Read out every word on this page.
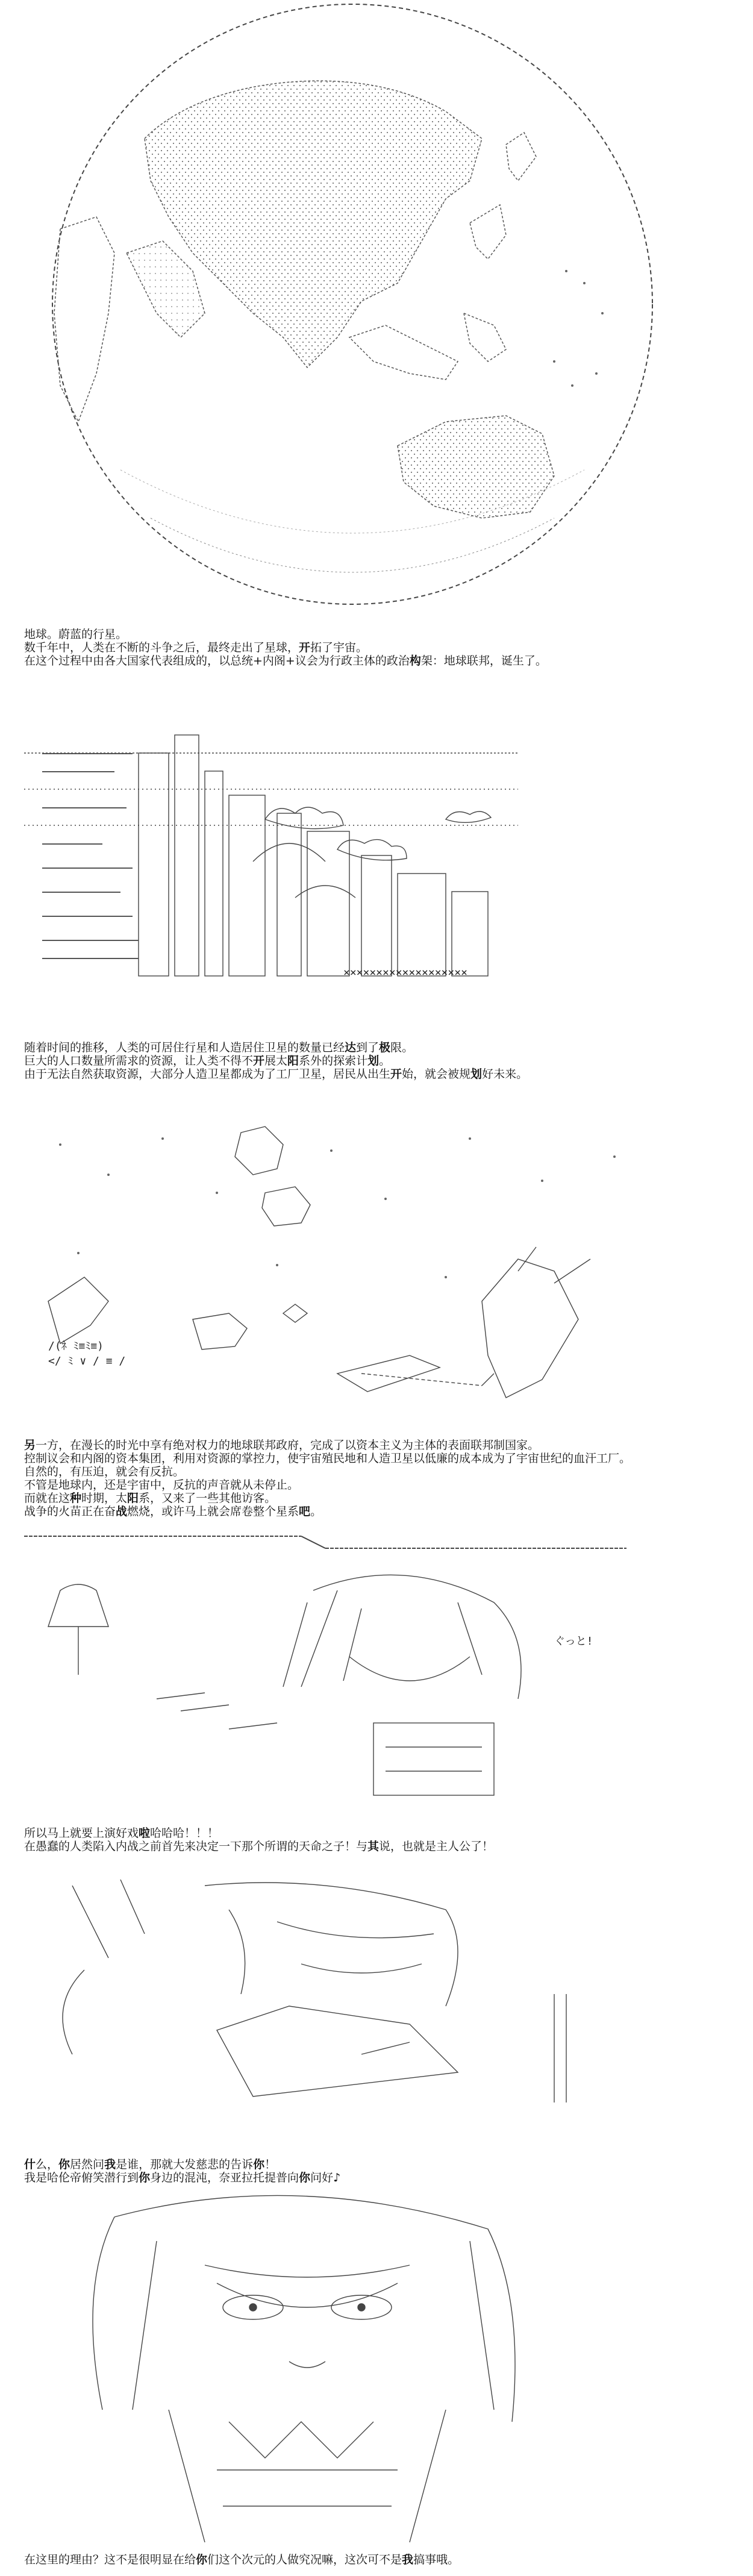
地球。蔚蓝的行星。

数千年中，人类在不断的斗争之后，最终走出了星球，开拓了宇宙。

在这个过程中由各大国家代表组成的，以总统+内阁+议会为行政主体的政治构架：地球联邦，诞生了。

×××××××××××××××××××

随着时间的推移，人类的可居住行星和人造居住卫星的数量已经达到了极限。

巨大的人口数量所需求的资源，让人类不得不开展太阳系外的探索计划。

由于无法自然获取资源，大部分人造卫星都成为了工厂卫星，居民从出生开始，就会被规划好未来。

/(ﾈ ﾐ≡ﾐ≡)
</ ﾐ ∨ / ≡ /

另一方，在漫长的时光中享有绝对权力的地球联邦政府，完成了以资本主义为主体的表面联邦制国家。

控制议会和内阁的资本集团，利用对资源的掌控力，使宇宙殖民地和人造卫星以低廉的成本成为了宇宙世纪的血汗工厂。

自然的，有压迫，就会有反抗。

不管是地球内，还是宇宙中，反抗的声音就从未停止。

而就在这种时期，太阳系，又来了一些其他访客。

战争的火苗正在奋战燃烧，或许马上就会席卷整个星系吧。

ぐっと!

所以马上就要上演好戏啦哈哈哈！！！

在愚蠢的人类陷入内战之前首先来决定一下那个所谓的天命之子！与其说，也就是主人公了！

什么，你居然问我是谁，那就大发慈悲的告诉你！

我是哈伦帝俯笑潜行到你身边的混沌，奈亚拉托提普向你问好♪

在这里的理由？这不是很明显在给你们这个次元的人做究况嘛，这次可不是我搞事哦。
